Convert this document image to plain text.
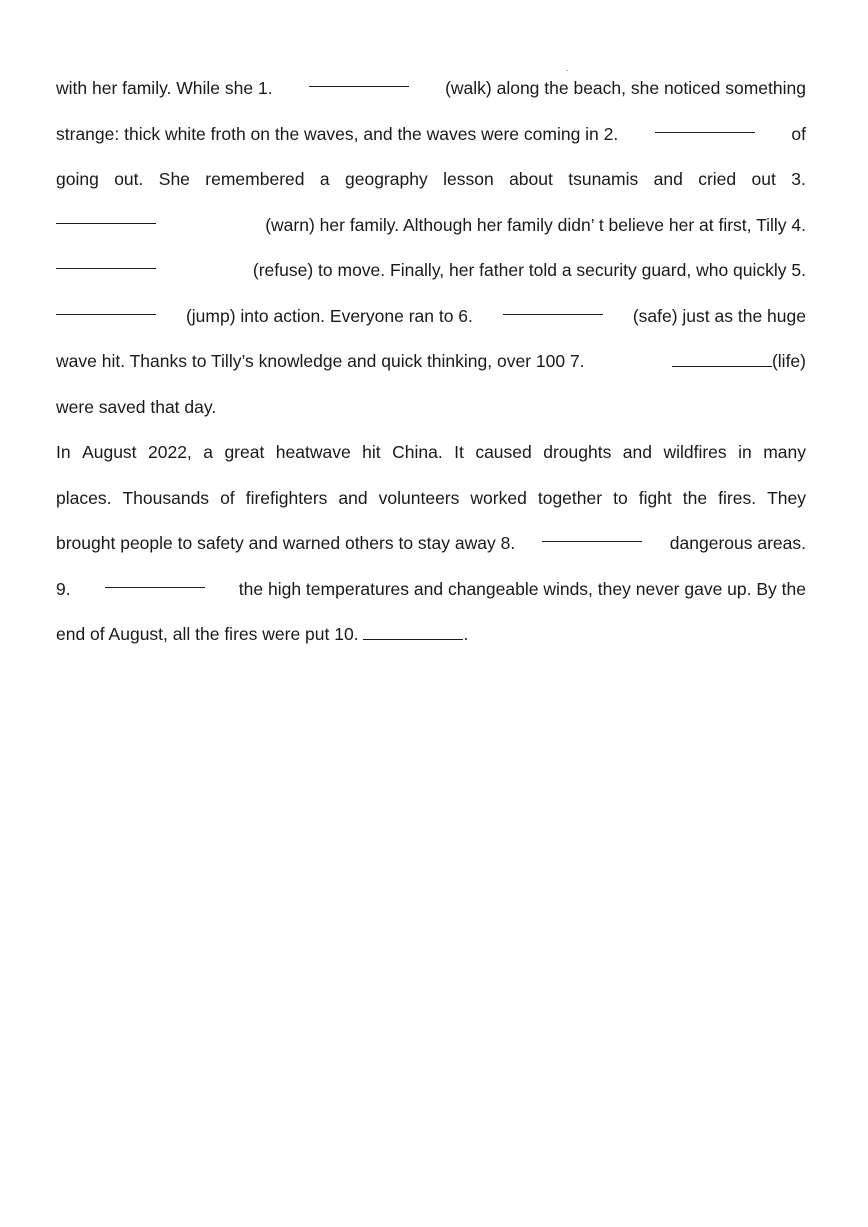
with her family. While she 1.	(walk) along the beach, she noticed something
strange: thick white froth on the waves, and the waves were coming in 2.	of
going out. She remembered a geography lesson about tsunamis and cried out 3.
(warn) her family. Although her family didn’ t believe her at first, Tilly 4.
(refuse) to move. Finally, her father told a security guard, who quickly 5.
(jump) into action. Everyone ran to 6.	(safe) just as the huge
wave hit. Thanks to Tilly’s knowledge and quick thinking, over 100 7.	(life)
were saved that day.
In August 2022, a great heatwave hit China. It caused droughts and wildfires in many
places. Thousands of firefighters and volunteers worked together to fight the fires. They
brought people to safety and warned others to stay away 8.	dangerous areas.
9.	the high temperatures and changeable winds, they never gave up. By the
end of August, all the fires were put 10.	.
